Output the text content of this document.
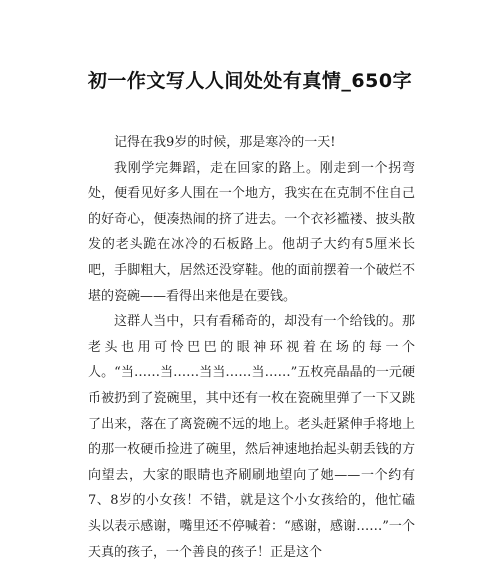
初一作文写人人间处处有真情_650字

记得在我9岁的时候，那是寒冷的一天!

我刚学完舞蹈，走在回家的路上。刚走到一个拐弯处，便看见好多人围在一个地方，我实在在克制不住自己的好奇心，便凑热闹的挤了进去。一个衣衫褴褛、披头散发的老头跪在冰冷的石板路上。他胡子大约有5厘米长吧，手脚粗大，居然还没穿鞋。他的面前摆着一个破烂不堪的瓷碗——看得出来他是在要钱。

这群人当中，只有看稀奇的，却没有一个给钱的。那老头也用可怜巴巴的眼神环视着在场的每一个人。“当……当……当当……当……”五枚亮晶晶的一元硬币被扔到了瓷碗里，其中还有一枚在瓷碗里弹了一下又跳了出来，落在了离瓷碗不远的地上。老头赶紧伸手将地上的那一枚硬币捡进了碗里，然后神速地抬起头朝丢钱的方向望去，大家的眼睛也齐刷刷地望向了她——一个约有7、8岁的小女孩！不错，就是这个小女孩给的，他忙磕头以表示感谢，嘴里还不停喊着：“感谢，感谢……”一个天真的孩子，一个善良的孩子！正是这个
